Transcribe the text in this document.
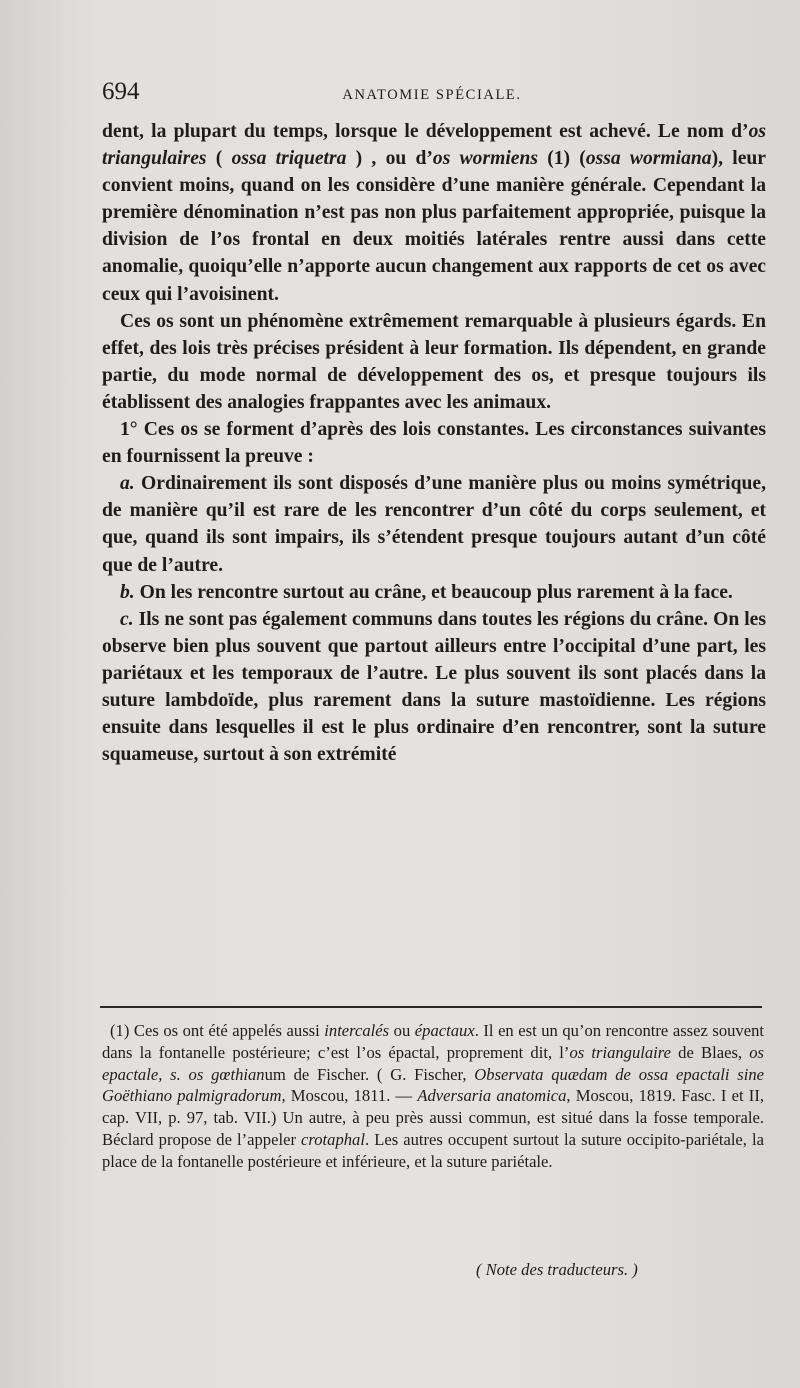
694	ANATOMIE SPÉCIALE.

dent, la plupart du temps, lorsque le développement est achevé. Le nom d’os triangulaires ( ossa triquetra ) , ou d’os wormiens (1) (ossa wormiana), leur convient moins, quand on les considère d’une manière générale. Cependant la première dénomination n’est pas non plus parfaitement appropriée, puisque la division de l’os frontal en deux moitiés latérales rentre aussi dans cette anomalie, quoiqu’elle n’apporte aucun changement aux rapports de cet os avec ceux qui l’avoisinent.

Ces os sont un phénomène extrêmement remarquable à plusieurs égards. En effet, des lois très précises président à leur formation. Ils dépendent, en grande partie, du mode normal de développement des os, et presque toujours ils établissent des analogies frappantes avec les animaux.

1° Ces os se forment d’après des lois constantes. Les circonstances suivantes en fournissent la preuve :

a. Ordinairement ils sont disposés d’une manière plus ou moins symétrique, de manière qu’il est rare de les rencontrer d’un côté du corps seulement, et que, quand ils sont impairs, ils s’étendent presque toujours autant d’un côté que de l’autre.

b. On les rencontre surtout au crâne, et beaucoup plus rarement à la face.

c. Ils ne sont pas également communs dans toutes les régions du crâne. On les observe bien plus souvent que partout ailleurs entre l’occipital d’une part, les pariétaux et les temporaux de l’autre. Le plus souvent ils sont placés dans la suture lambdoïde, plus rarement dans la suture mastoïdienne. Les régions ensuite dans lesquelles il est le plus ordinaire d’en rencontrer, sont la suture squameuse, surtout à son extrémité

(1) Ces os ont été appelés aussi intercalés ou épactaux. Il en est un qu’on rencontre assez souvent dans la fontanelle postérieure; c’est l’os épactal, proprement dit, l’os triangulaire de Blaes, os epactale, s. os gœthianum de Fischer. ( G. Fischer, Observata quædam de ossa epactali sine Goëthiano palmigradorum, Moscou, 1811. — Adversaria anatomica, Moscou, 1819. Fasc. I et II, cap. VII, p. 97, tab. VII.) Un autre, à peu près aussi commun, est situé dans la fosse temporale. Béclard propose de l’appeler crotaphal. Les autres occupent surtout la suture occipito-pariétale, la place de la fontanelle postérieure et inférieure, et la suture pariétale.

( Note des traducteurs. )
